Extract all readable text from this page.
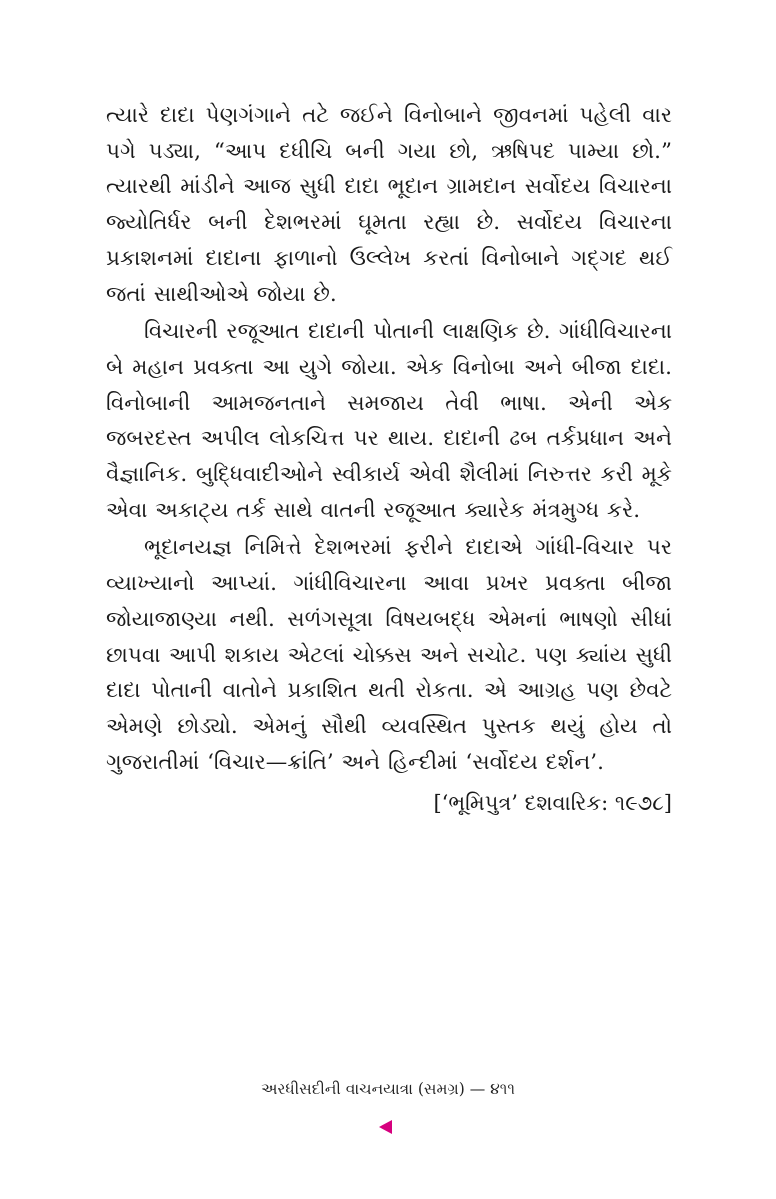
ત્યારે દાદા પેણગંગાને તટે જઈને વિનોબાને જીવનમાં પહેલી વાર પગે પડ્યા, “આપ દધીચિ બની ગયા છો, ઋષિપદ પામ્યા છો.” ત્યારથી માંડીને આજ સુધી દાદા ભૂદાન ગ્રામદાન સર્વોદય વિચારના જ્યોતિર્ધર બની દેશભરમાં ઘૂમતા રહ્યા છે. સર્વોદય વિચારના પ્રકાશનમાં દાદાના ફાળાનો ઉલ્લેખ કરતાં વિનોબાને ગદ્ગદ થઈ જતાં સાથીઓએ જોયા છે.

વિચારની રજૂઆત દાદાની પોતાની લાક્ષણિક છે. ગાંધીવિચારના બે મહાન પ્રવક્તા આ યુગે જોયા. એક વિનોબા અને બીજા દાદા. વિનોબાની આમજનતાને સમજાય તેવી ભાષા. એની એક જબરદસ્ત અપીલ લોકચિત્ત પર થાય. દાદાની ઢબ તર્કપ્રધાન અને વૈજ્ઞાનિક. બુદ્ધિવાદીઓને સ્વીકાર્ય એવી શૈલીમાં નિરુત્તર કરી મૂકે એવા અકાટ્ય તર્ક સાથે વાતની રજૂઆત ક્યારેક મંત્રમુગ્ધ કરે.

ભૂદાનયજ્ઞ નિમિત્તે દેશભરમાં ફરીને દાદાએ ગાંધી-વિચાર પર વ્યાખ્યાનો આપ્યાં. ગાંધીવિચારના આવા પ્રખર પ્રવક્તા બીજા જોયાજાણ્યા નથી. સળંગસૂત્રા વિષયબદ્ધ એમનાં ભાષણો સીધાં છાપવા આપી શકાય એટલાં ચોક્કસ અને સચોટ. પણ ક્યાંય સુધી દાદા પોતાની વાતોને પ્રકાશિત થતી રોકતા. એ આગ્રહ પણ છેવટે એમણે છોડ્યો. એમનું સૌથી વ્યવસ્થિત પુસ્તક થયું હોય તો ગુજરાતીમાં ‘વિચાર—ક્રાંતિ’ અને હિન્દીમાં ‘સર્વોદય દર્શન’.

[‘ભૂમિપુત્ર’ દશવારિક: ૧૯૭૮]
અરધીસદીની વાચનયાત્રા (સમગ્ર) — ૪૧૧
